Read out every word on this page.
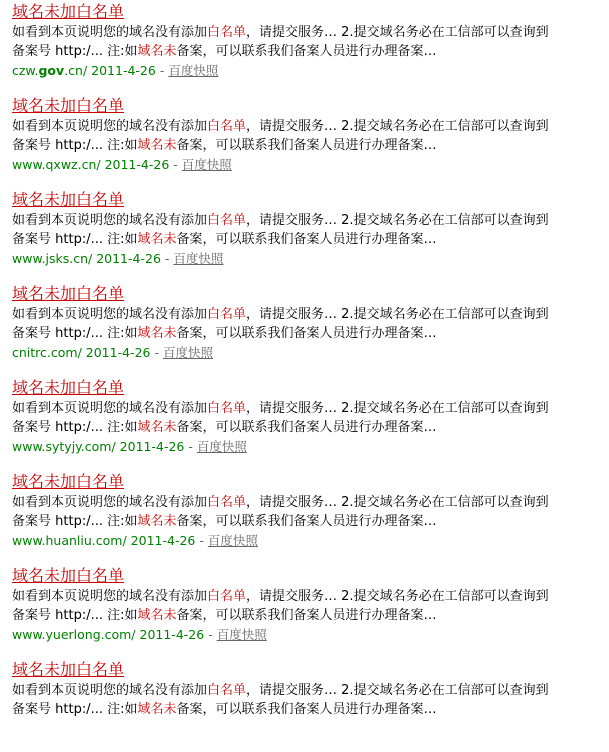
域名未加白名单
如看到本页说明您的域名没有添加白名单，请提交服务… 2.提交域名务必在工信部可以查询到
备案号 http:/... 注:如域名未备案，可以联系我们备案人员进行办理备案…
czw.gov.cn/ 2011-4-26 - 百度快照
域名未加白名单
如看到本页说明您的域名没有添加白名单，请提交服务… 2.提交域名务必在工信部可以查询到
备案号 http:/... 注:如域名未备案，可以联系我们备案人员进行办理备案…
www.qxwz.cn/ 2011-4-26 - 百度快照
域名未加白名单
如看到本页说明您的域名没有添加白名单，请提交服务… 2.提交域名务必在工信部可以查询到
备案号 http:/... 注:如域名未备案，可以联系我们备案人员进行办理备案…
www.jsks.cn/ 2011-4-26 - 百度快照
域名未加白名单
如看到本页说明您的域名没有添加白名单，请提交服务… 2.提交域名务必在工信部可以查询到
备案号 http:/... 注:如域名未备案，可以联系我们备案人员进行办理备案…
cnitrc.com/ 2011-4-26 - 百度快照
域名未加白名单
如看到本页说明您的域名没有添加白名单，请提交服务… 2.提交域名务必在工信部可以查询到
备案号 http:/... 注:如域名未备案，可以联系我们备案人员进行办理备案…
www.sytyjy.com/ 2011-4-26 - 百度快照
域名未加白名单
如看到本页说明您的域名没有添加白名单，请提交服务… 2.提交域名务必在工信部可以查询到
备案号 http:/... 注:如域名未备案，可以联系我们备案人员进行办理备案…
www.huanliu.com/ 2011-4-26 - 百度快照
域名未加白名单
如看到本页说明您的域名没有添加白名单，请提交服务… 2.提交域名务必在工信部可以查询到
备案号 http:/... 注:如域名未备案，可以联系我们备案人员进行办理备案…
www.yuerlong.com/ 2011-4-26 - 百度快照
域名未加白名单
如看到本页说明您的域名没有添加白名单，请提交服务… 2.提交域名务必在工信部可以查询到
备案号 http:/... 注:如域名未备案，可以联系我们备案人员进行办理备案…
